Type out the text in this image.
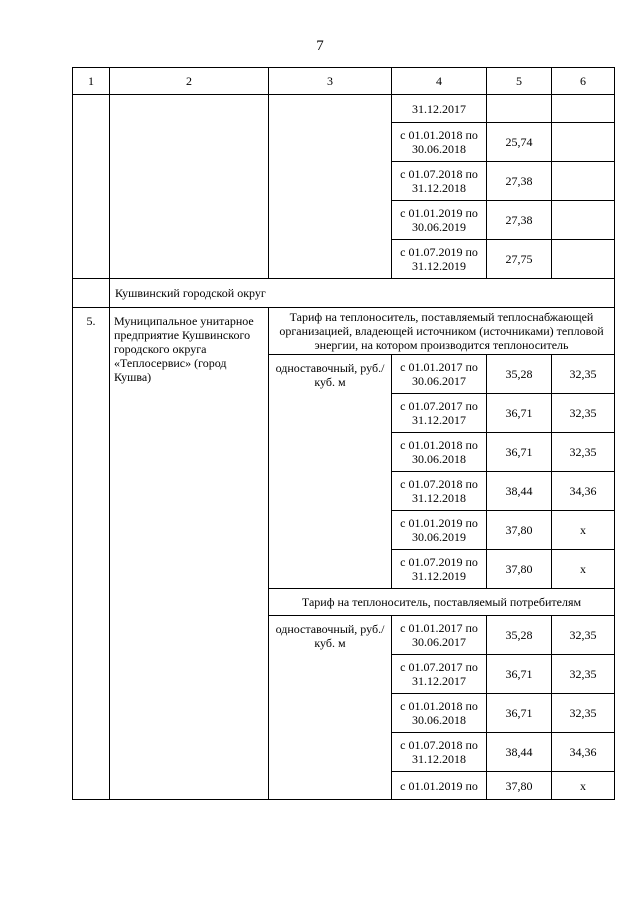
7
1	2	3	4	5	6
			31.12.2017		
			с 01.01.2018 по 30.06.2018	25,74	
			с 01.07.2018 по 31.12.2018	27,38	
			с 01.01.2019 по 30.06.2019	27,38	
			с 01.07.2019 по 31.12.2019	27,75	
	Кушвинский городской округ				
5.	Муниципальное унитарное предприятие Кушвинского городского округа «Теплосервис» (город Кушва)	Тариф на теплоноситель, поставляемый теплоснабжающей организацией, владеющей источником (источниками) тепловой энергии, на котором производится теплоноситель			
		одноставочный, руб./куб. м	с 01.01.2017 по 30.06.2017	35,28	32,35
			с 01.07.2017 по 31.12.2017	36,71	32,35
			с 01.01.2018 по 30.06.2018	36,71	32,35
			с 01.07.2018 по 31.12.2018	38,44	34,36
			с 01.01.2019 по 30.06.2019	37,80	х
			с 01.07.2019 по 31.12.2019	37,80	х
		Тариф на теплоноситель, поставляемый потребителям			
		одноставочный, руб./куб. м	с 01.01.2017 по 30.06.2017	35,28	32,35
			с 01.07.2017 по 31.12.2017	36,71	32,35
			с 01.01.2018 по 30.06.2018	36,71	32,35
			с 01.07.2018 по 31.12.2018	38,44	34,36
			с 01.01.2019 по	37,80	х
